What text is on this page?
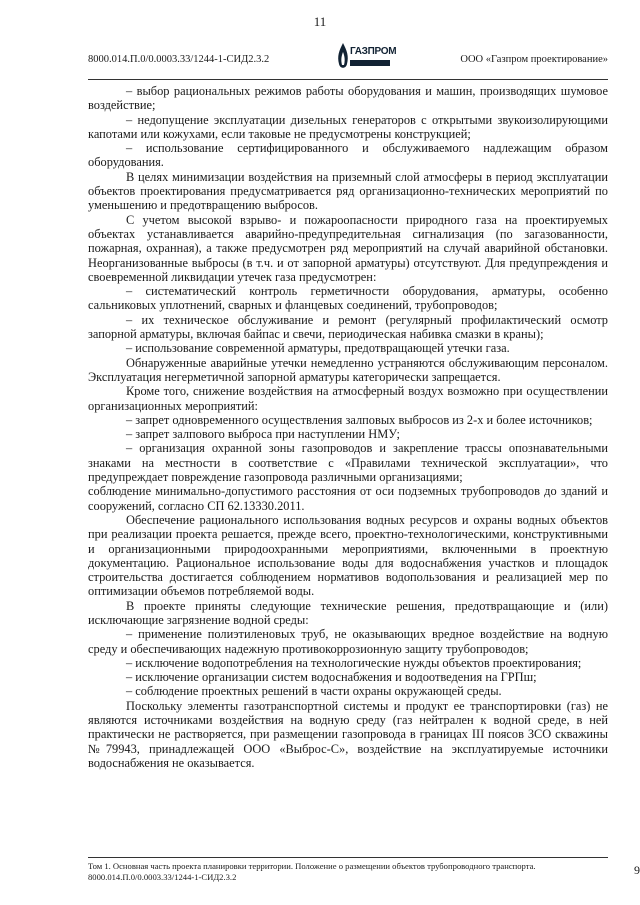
11
8000.014.П.0/0.0003.33/1244-1-СИД2.3.2
ГАЗПРОМ
ООО «Газпром проектирование»

– выбор рациональных режимов работы оборудования и машин, производящих шумовое воздействие;

– недопущение эксплуатации дизельных генераторов с открытыми звукоизолирующими капотами или кожухами, если таковые не предусмотрены конструкцией;

– использование сертифицированного и обслуживаемого надлежащим образом оборудования.

В целях минимизации воздействия на приземный слой атмосферы в период эксплуатации объектов проектирования предусматривается ряд организационно-технических мероприятий по уменьшению и предотвращению выбросов.

С учетом высокой взрыво- и пожароопасности природного газа на проектируемых объектах устанавливается аварийно-предупредительная сигнализация (по загазованности, пожарная, охранная), а также предусмотрен ряд мероприятий на случай аварийной обстановки. Неорганизованные выбросы (в т.ч. и от запорной арматуры) отсутствуют. Для предупреждения и своевременной ликвидации утечек газа предусмотрен:

– систематический контроль герметичности оборудования, арматуры, особенно сальниковых уплотнений, сварных и фланцевых соединений, трубопроводов;

– их техническое обслуживание и ремонт (регулярный профилактический осмотр запорной арматуры, включая байпас и свечи, периодическая набивка смазки в краны);

– использование современной арматуры, предотвращающей утечки газа.

Обнаруженные аварийные утечки немедленно устраняются обслуживающим персоналом. Эксплуатация негерметичной запорной арматуры категорически запрещается.

Кроме того, снижение воздействия на атмосферный воздух возможно при осуществлении организационных мероприятий:

– запрет одновременного осуществления залповых выбросов из 2-х и более источников;

– запрет залпового выброса при наступлении НМУ;

– организация охранной зоны газопроводов и закрепление трассы опознавательными знаками на местности в соответствие с «Правилами технической эксплуатации», что предупреждает повреждение газопровода различными организациями;

соблюдение минимально-допустимого расстояния от оси подземных трубопроводов до зданий и сооружений, согласно СП 62.13330.2011.

Обеспечение рационального использования водных ресурсов и охраны водных объектов при реализации проекта решается, прежде всего, проектно-технологическими, конструктивными и организационными природоохранными мероприятиями, включенными в проектную документацию. Рациональное использование воды для водоснабжения участков и площадок строительства достигается соблюдением нормативов водопользования и реализацией мер по оптимизации объемов потребляемой воды.

В проекте приняты следующие технические решения, предотвращающие и (или) исключающие загрязнение водной среды:

– применение полиэтиленовых труб, не оказывающих вредное воздействие на водную среду и обеспечивающих надежную противокоррозионную защиту трубопроводов;

– исключение водопотребления на технологические нужды объектов проектирования;

– исключение организации систем водоснабжения и водоотведения на ГРПш;

– соблюдение проектных решений в части охраны окружающей среды.

Поскольку элементы газотранспортной системы и продукт ее транспортировки (газ) не являются источниками воздействия на водную среду (газ нейтрален к водной среде, в ней практически не растворяется, при размещении газопровода в границах III поясов ЗСО скважины №79943, принадлежащей ООО «Выброс-С», воздействие на эксплуатируемые источники водоснабжения не оказывается.

Том 1. Основная часть проекта планировки территории. Положение о размещении объектов трубопроводного транспорта.
8000.014.П.0/0.0003.33/1244-1-СИД2.3.2	9
